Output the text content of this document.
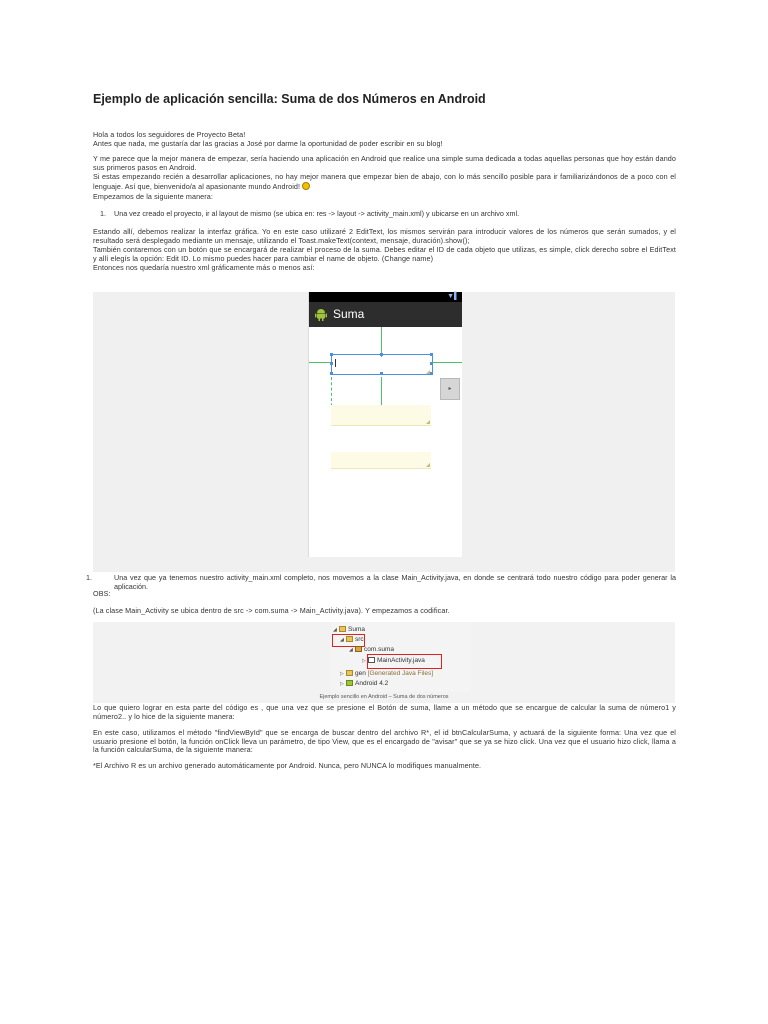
Ejemplo de aplicación sencilla: Suma de dos Números en Android

Hola a todos los seguidores de Proyecto Beta!

Antes que nada, me gustaría dar las gracias a José por darme la oportunidad de poder escribir en su blog!

Y me parece que la mejor manera de empezar, sería haciendo una aplicación en Android que realice una simple suma dedicada a todas aquellas personas que hoy están dando sus primeros pasos en Android.

Si estas empezando recién a desarrollar aplicaciones, no hay mejor manera que empezar bien de abajo, con lo más sencillo posible para ir familiarizándonos de a poco con el lenguaje. Así que, bienvenido/a al apasionante mundo Android!

Empezamos de la siguiente manera:

1. Una vez creado el proyecto, ir al layout de mismo (se ubica en: res -> layout -> activity_main.xml) y ubicarse en un archivo xml.

Estando allí, debemos realizar la interfaz gráfica. Yo en este caso utilizaré 2 EditText, los mismos servirán para introducir valores de los números que serán sumados, y el resultado será desplegado mediante un mensaje, utilizando el Toast.makeText(context, mensaje, duración).show();

También contaremos con un botón que se encargará de realizar el proceso de la suma. Debes editar el ID de cada objeto que utilizas, es simple, click derecho sobre el EditText y allí elegís la opción: Edit ID. Lo mismo puedes hacer para cambiar el name de objeto. (Change name)

Entonces nos quedaría nuestro xml gráficamente más o menos así:

▼▌
Suma
▸

1.	Una vez que ya tenemos nuestro activity_main.xml completo, nos movemos a la clase Main_Activity.java, en donde se centrará todo nuestro código para poder generar la aplicación.

OBS:

(La clase Main_Activity se ubica dentro de src -> com.suma -> Main_Activity.java). Y empezamos a codificar.

◢ Suma
◢ src
◢ com.suma
▷ MainActivity.java
▷ gen [Generated Java Files]
▷ Android 4.2
Ejemplo sencillo en Android – Suma de dos números

Lo que quiero lograr en esta parte del código es , que una vez que se presione el Botón de suma, llame a un método que se encargue de calcular la suma de número1 y número2.. y lo hice de la siguiente manera:

En este caso, utilizamos el método "findViewById" que se encarga de buscar dentro del archivo R*, el id btnCalcularSuma, y actuará de la siguiente forma: Una vez que el usuario presione el botón, la función onClick lleva un parámetro, de tipo View, que es el encargado de "avisar" que se ya se hizo click. Una vez que el usuario hizo click, llama a la función calcularSuma, de la siguiente manera:

*El Archivo R es un archivo generado automáticamente por Android. Nunca, pero NUNCA lo modifiques manualmente.
